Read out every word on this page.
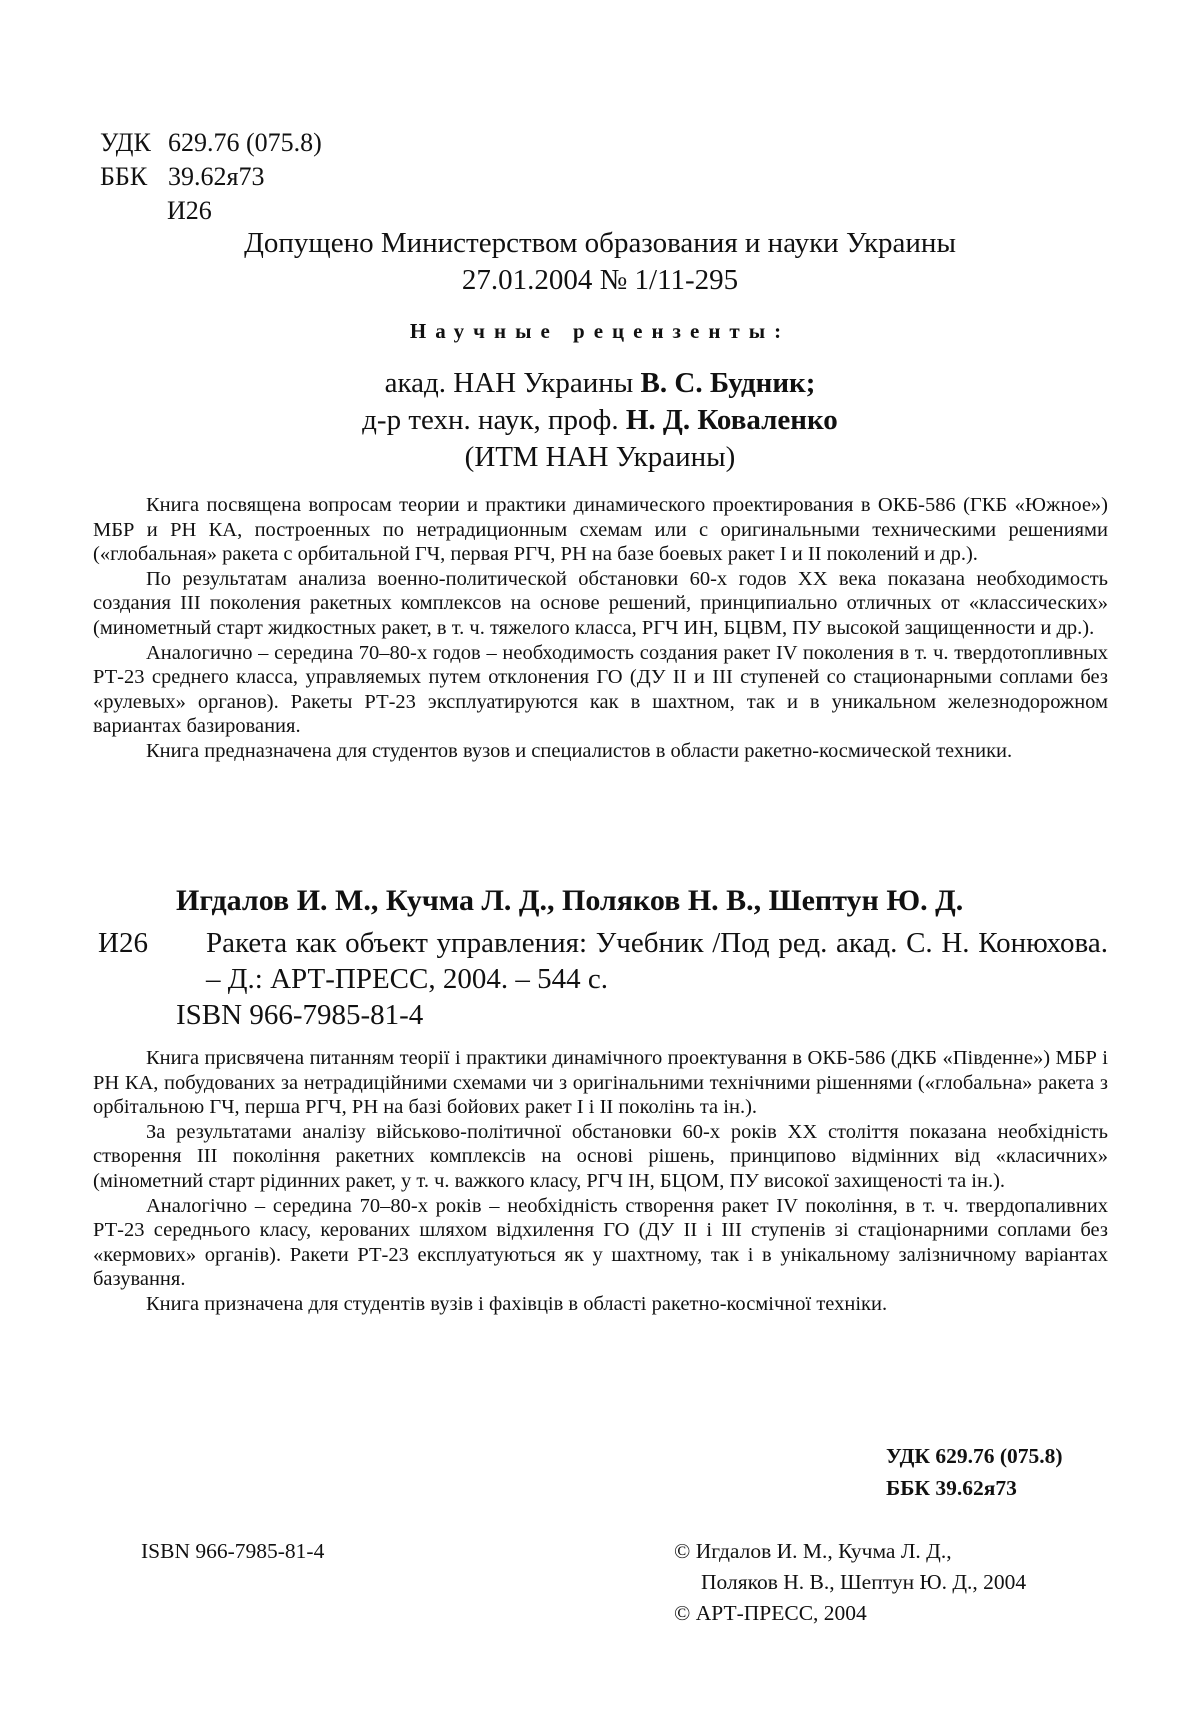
УДК 629.76 (075.8)
ББК 39.62я73
И26
Допущено Министерством образования и науки Украины
27.01.2004 № 1/11-295
Научные рецензенты:
акад. НАН Украины В. С. Будник;
д-р техн. наук, проф. Н. Д. Коваленко
(ИТМ НАН Украины)

Книга посвящена вопросам теории и практики динамического проектирования в ОКБ-586 (ГКБ «Южное») МБР и РН КА, построенных по нетрадиционным схемам или с оригинальными техническими решениями («глобальная» ракета с орбитальной ГЧ, первая РГЧ, РН на базе боевых ракет I и II поколений и др.).

По результатам анализа военно-политической обстановки 60-х годов XX века показана необходимость создания III поколения ракетных комплексов на основе решений, принципиально отличных от «классических» (минометный старт жидкостных ракет, в т. ч. тяжелого класса, РГЧ ИН, БЦВМ, ПУ высокой защищенности и др.).

Аналогично – середина 70–80-х годов – необходимость создания ракет IV поколения в т. ч. твердотопливных РТ-23 среднего класса, управляемых путем отклонения ГО (ДУ II и III ступеней со стационарными соплами без «рулевых» органов). Ракеты РТ-23 эксплуатируются как в шахтном, так и в уникальном железнодорожном вариантах базирования.

Книга предназначена для студентов вузов и специалистов в области ракетно-космической техники.

Игдалов И. М., Кучма Л. Д., Поляков Н. В., Шептун Ю. Д.
И26 Ракета как объект управления: Учебник /Под ред. акад. С. Н. Конюхова. – Д.: АРТ-ПРЕСС, 2004. – 544 с.
ISBN 966-7985-81-4

Книга присвячена питанням теорії і практики динамічного проектування в ОКБ-586 (ДКБ «Південне») МБР і РН КА, побудованих за нетрадиційними схемами чи з оригінальними технічними рішеннями («глобальна» ракета з орбітальною ГЧ, перша РГЧ, РН на базі бойових ракет I і II поколінь та ін.).

За результатами аналізу військово-політичної обстановки 60-х років XX століття показана необхідність створення III покоління ракетних комплексів на основі рішень, принципово відмінних від «класичних» (мінометний старт рідинних ракет, у т. ч. важкого класу, РГЧ ІН, БЦОМ, ПУ високої захищеності та ін.).

Аналогічно – середина 70–80-х років – необхідність створення ракет IV покоління, в т. ч. твердопаливних РТ-23 середнього класу, керованих шляхом відхилення ГО (ДУ II і III ступенів зі стаціонарними соплами без «кермових» органів). Ракети РТ-23 експлуатуються як у шахтному, так і в унікальному залізничному варіантах базування.

Книга призначена для студентів вузів і фахівців в області ракетно-космічної техніки.

УДК 629.76 (075.8)
ББК 39.62я73
ISBN 966-7985-81-4	© Игдалов И. М., Кучма Л. Д.,
Поляков Н. В., Шептун Ю. Д., 2004
© АРТ-ПРЕСС, 2004
